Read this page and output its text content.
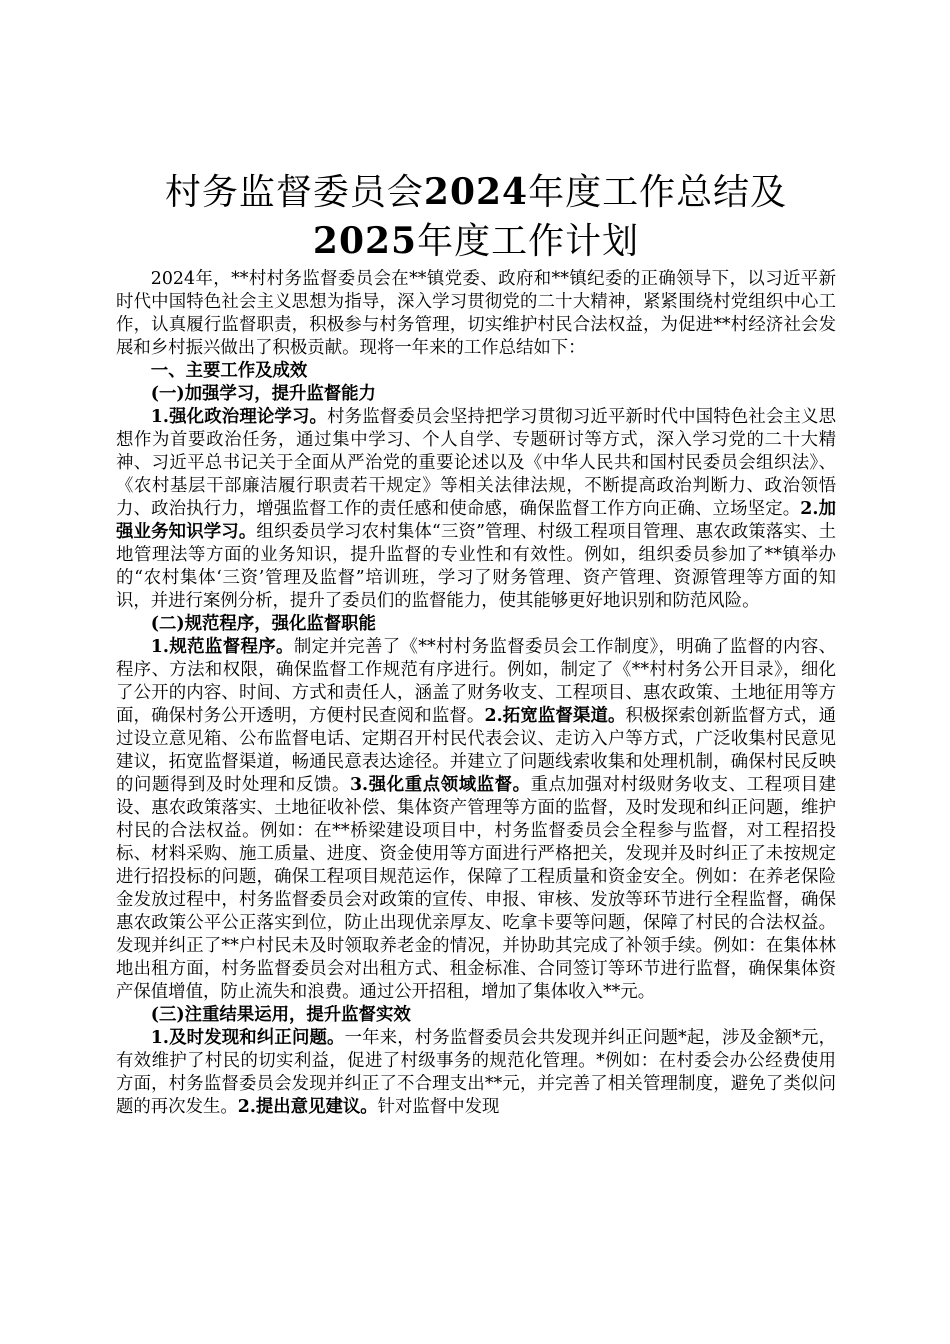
村务监督委员会2024年度工作总结及2025年度工作计划

2024年，**村村务监督委员会在**镇党委、政府和**镇纪委的正确领导下，以习近平新时代中国特色社会主义思想为指导，深入学习贯彻党的二十大精神，紧紧围绕村党组织中心工作，认真履行监督职责，积极参与村务管理，切实维护村民合法权益，为促进**村经济社会发展和乡村振兴做出了积极贡献。现将一年来的工作总结如下：

一、主要工作及成效

(一)加强学习，提升监督能力

1.强化政治理论学习。村务监督委员会坚持把学习贯彻习近平新时代中国特色社会主义思想作为首要政治任务，通过集中学习、个人自学、专题研讨等方式，深入学习党的二十大精神、习近平总书记关于全面从严治党的重要论述以及《中华人民共和国村民委员会组织法》、《农村基层干部廉洁履行职责若干规定》等相关法律法规，不断提高政治判断力、政治领悟力、政治执行力，增强监督工作的责任感和使命感，确保监督工作方向正确、立场坚定。2.加强业务知识学习。组织委员学习农村集体“三资”管理、村级工程项目管理、惠农政策落实、土地管理法等方面的业务知识，提升监督的专业性和有效性。例如，组织委员参加了**镇举办的“农村集体‘三资’管理及监督”培训班，学习了财务管理、资产管理、资源管理等方面的知识，并进行案例分析，提升了委员们的监督能力，使其能够更好地识别和防范风险。

(二)规范程序，强化监督职能

1.规范监督程序。制定并完善了《**村村务监督委员会工作制度》，明确了监督的内容、程序、方法和权限，确保监督工作规范有序进行。例如，制定了《**村村务公开目录》，细化了公开的内容、时间、方式和责任人，涵盖了财务收支、工程项目、惠农政策、土地征用等方面，确保村务公开透明，方便村民查阅和监督。2.拓宽监督渠道。积极探索创新监督方式，通过设立意见箱、公布监督电话、定期召开村民代表会议、走访入户等方式，广泛收集村民意见建议，拓宽监督渠道，畅通民意表达途径。并建立了问题线索收集和处理机制，确保村民反映的问题得到及时处理和反馈。3.强化重点领域监督。重点加强对村级财务收支、工程项目建设、惠农政策落实、土地征收补偿、集体资产管理等方面的监督，及时发现和纠正问题，维护村民的合法权益。例如：在**桥梁建设项目中，村务监督委员会全程参与监督，对工程招投标、材料采购、施工质量、进度、资金使用等方面进行严格把关，发现并及时纠正了未按规定进行招投标的问题，确保工程项目规范运作，保障了工程质量和资金安全。例如：在养老保险金发放过程中，村务监督委员会对政策的宣传、申报、审核、发放等环节进行全程监督，确保惠农政策公平公正落实到位，防止出现优亲厚友、吃拿卡要等问题，保障了村民的合法权益。发现并纠正了**户村民未及时领取养老金的情况，并协助其完成了补领手续。例如：在集体林地出租方面，村务监督委员会对出租方式、租金标准、合同签订等环节进行监督，确保集体资产保值增值，防止流失和浪费。通过公开招租，增加了集体收入**元。

(三)注重结果运用，提升监督实效

1.及时发现和纠正问题。一年来，村务监督委员会共发现并纠正问题*起，涉及金额*元，有效维护了村民的切实利益，促进了村级事务的规范化管理。*例如：在村委会办公经费使用方面，村务监督委员会发现并纠正了不合理支出**元，并完善了相关管理制度，避免了类似问题的再次发生。2.提出意见建议。针对监督中发现
